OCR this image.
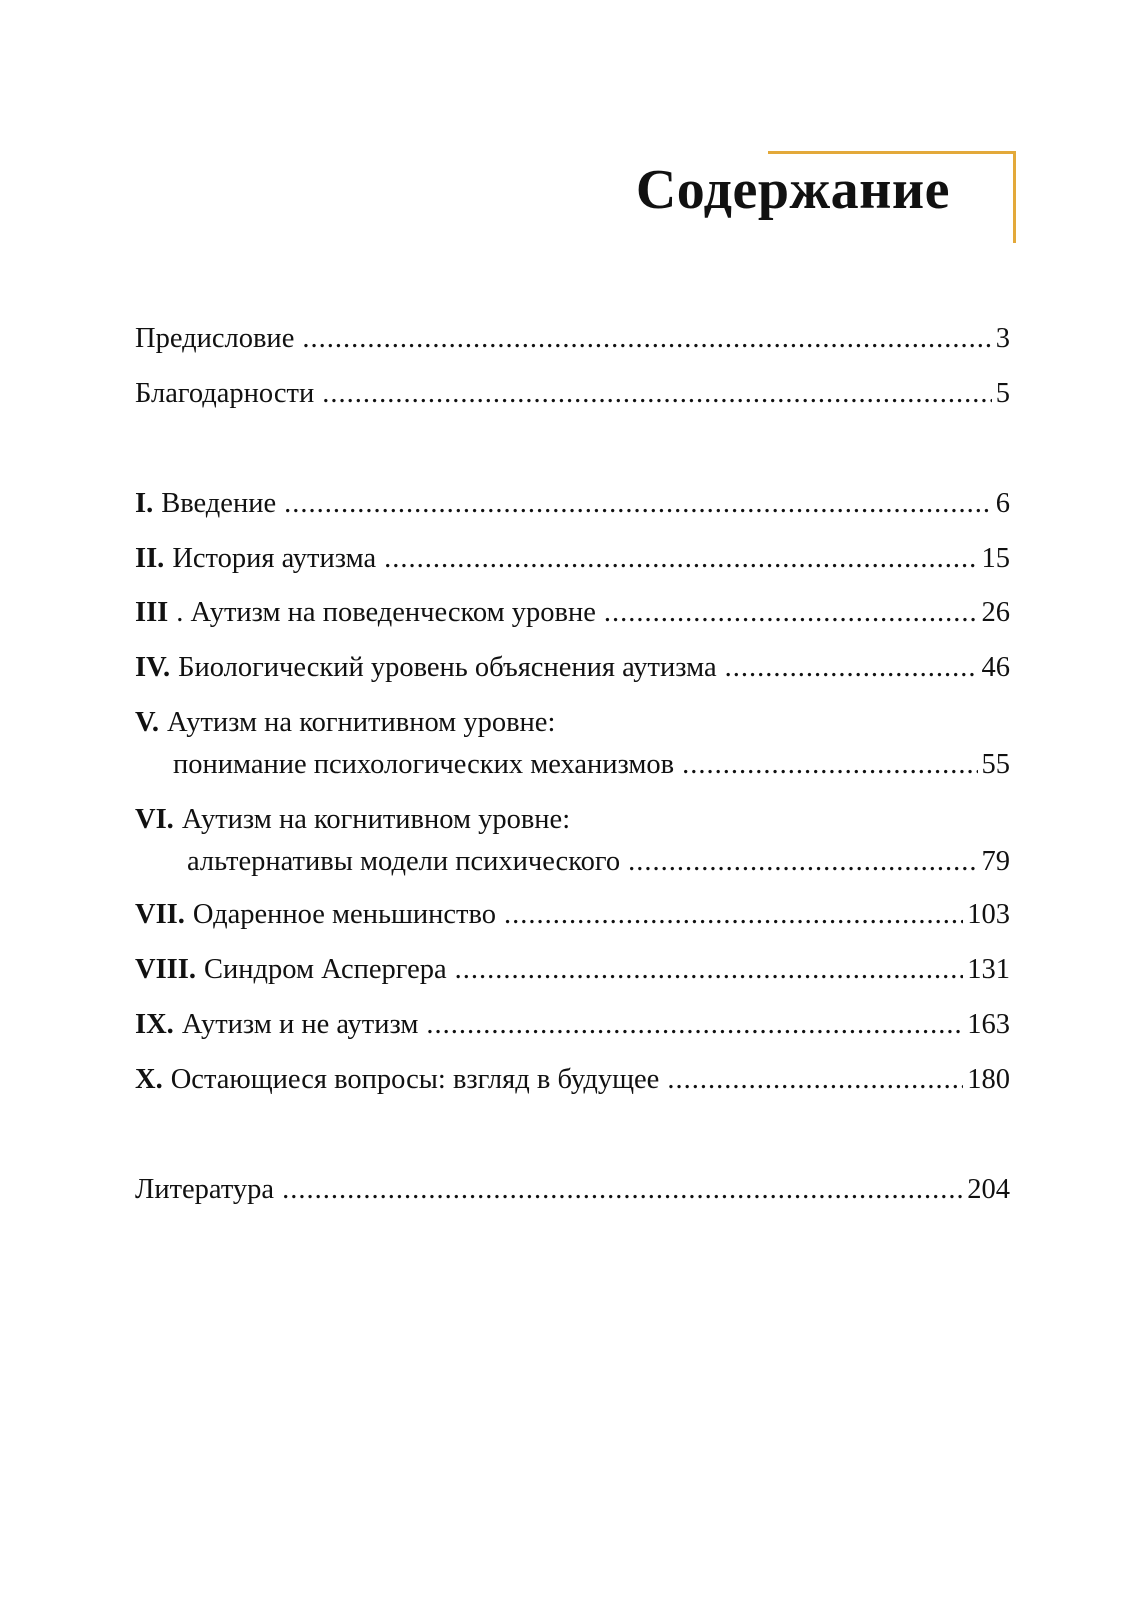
Содержание
Предисловие .....	3
Благодарности .....	5
I. Введение .....	6
II. История аутизма .....	15
III . Аутизм на поведенческом уровне .....	26
IV. Биологический уровень объяснения аутизма .....	46
V. Аутизм на когнитивном уровне:
понимание психологических механизмов .....	55
VI. Аутизм на когнитивном уровне:
альтернативы модели психического .....	79
VII. Одаренное меньшинство .....	103
VIII. Синдром Аспергера .....	131
IX. Аутизм и не аутизм .....	163
X. Остающиеся вопросы: взгляд в будущее .....	180
Литература .....	204
